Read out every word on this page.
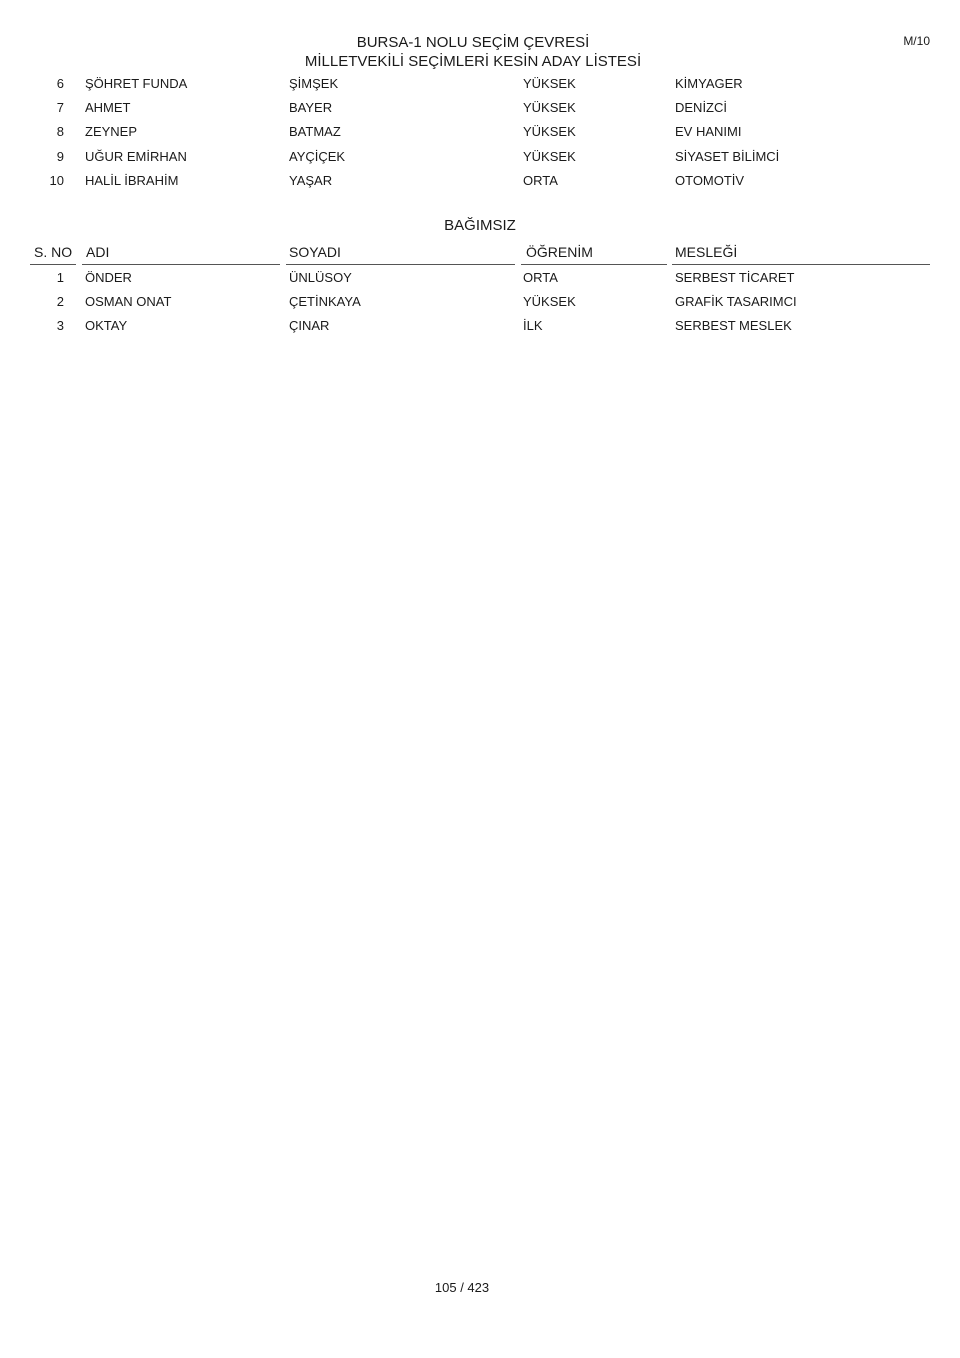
BURSA-1 NOLU SEÇİM ÇEVRESİ
MİLLETVEKİLİ SEÇİMLERİ KESİN ADAY LİSTESİ
M/10
6 ŞÖHRET FUNDA	ŞİMŞEK	YÜKSEK	KİMYAGER
7 AHMET	BAYER	YÜKSEK	DENİZCİ
8 ZEYNEP	BATMAZ	YÜKSEK	EV HANIMI
9 UĞUR EMİRHAN	AYÇİÇEK	YÜKSEK	SİYASET BİLİMCİ
10 HALİL İBRAHİM	YAŞAR	ORTA	OTOMOTİV
BAĞIMSIZ
S. NO ADI	SOYADI	ÖĞRENİM	MESLEĞİ
1 ÖNDER	ÜNLÜSOY	ORTA	SERBEST TİCARET
2 OSMAN ONAT	ÇETİNKAYA	YÜKSEK	GRAFİK TASARIMCI
3 OKTAY	ÇINAR	İLK	SERBEST MESLEK
105 / 423
